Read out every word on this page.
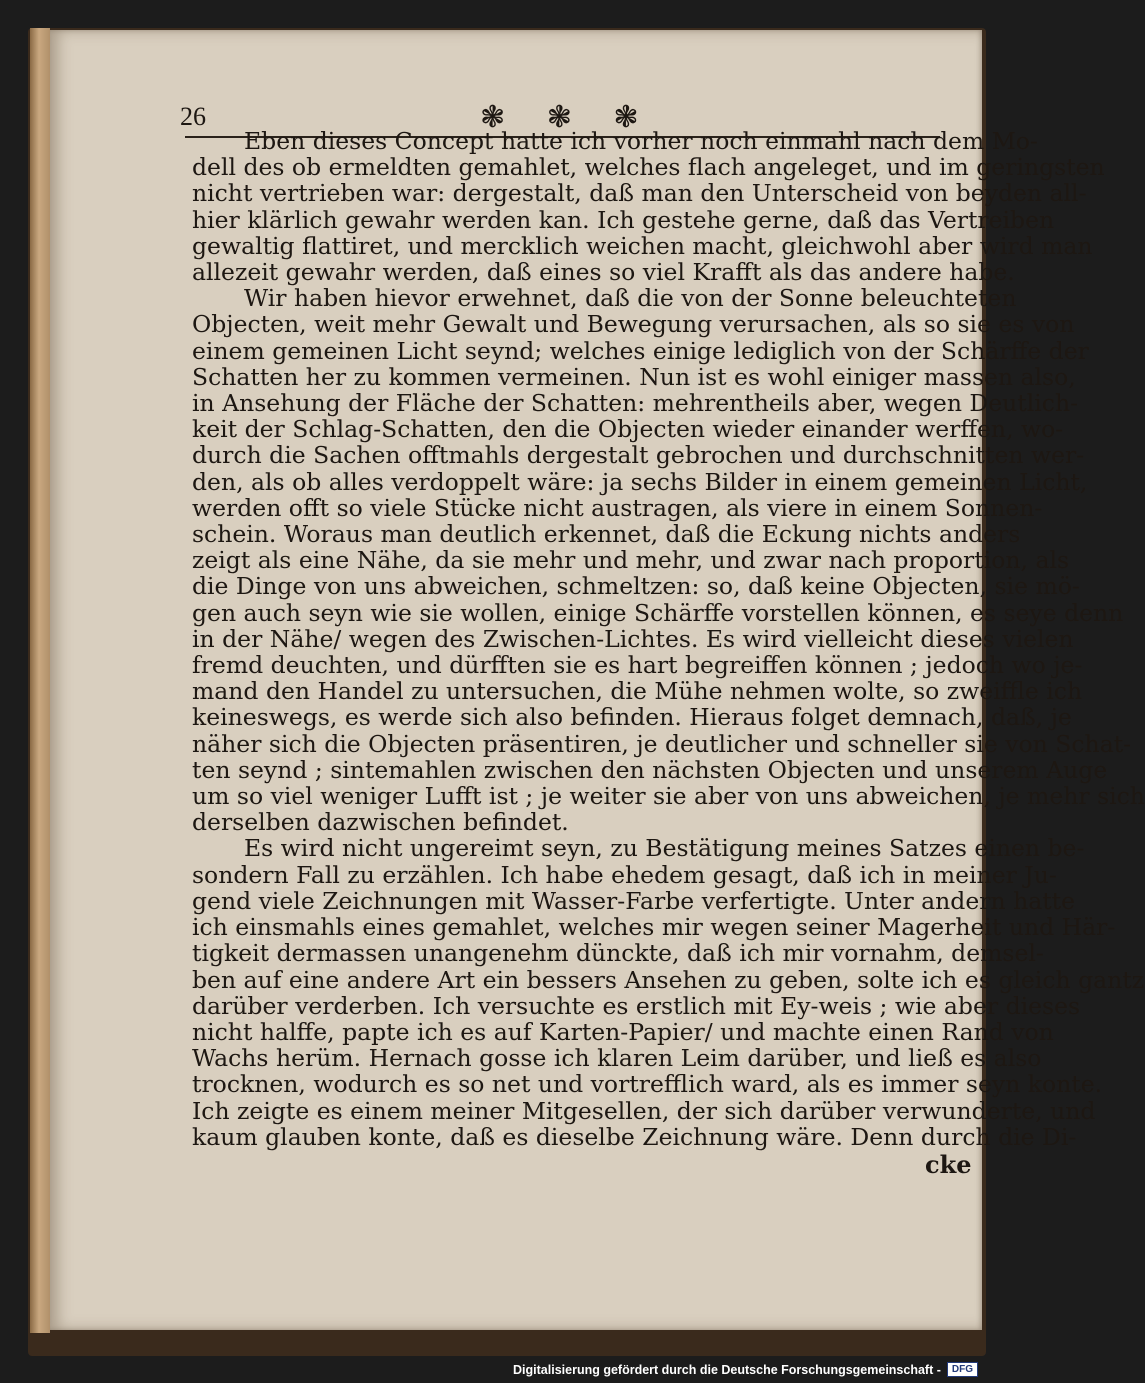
26	❃ ❃ ❃

Eben dieses Concept hatte ich vorher noch einmahl nach dem Mo-
dell des ob ermeldten gemahlet, welches flach angeleget, und im geringsten
nicht vertrieben war: dergestalt, daß man den Unterscheid von beyden all-
hier klärlich gewahr werden kan. Ich gestehe gerne, daß das Vertreiben
gewaltig flattiret, und mercklich weichen macht, gleichwohl aber wird man
allezeit gewahr werden, daß eines so viel Krafft als das andere habe.

Wir haben hievor erwehnet, daß die von der Sonne beleuchteten
Objecten, weit mehr Gewalt und Bewegung verursachen, als so sie es von
einem gemeinen Licht seynd; welches einige lediglich von der Schärffe der
Schatten her zu kommen vermeinen. Nun ist es wohl einiger massen also,
in Ansehung der Fläche der Schatten: mehrentheils aber, wegen Deutlich-
keit der Schlag-Schatten, den die Objecten wieder einander werffen, wo-
durch die Sachen offtmahls dergestalt gebrochen und durchschnitten wer-
den, als ob alles verdoppelt wäre: ja sechs Bilder in einem gemeinen Licht,
werden offt so viele Stücke nicht austragen, als viere in einem Sonnen-
schein. Woraus man deutlich erkennet, daß die Eckung nichts anders
zeigt als eine Nähe, da sie mehr und mehr, und zwar nach proportion, als
die Dinge von uns abweichen, schmeltzen: so, daß keine Objecten, sie mö-
gen auch seyn wie sie wollen, einige Schärffe vorstellen können, es seye denn
in der Nähe/ wegen des Zwischen-Lichtes. Es wird vielleicht dieses vielen
fremd deuchten, und dürfften sie es hart begreiffen können ; jedoch wo je-
mand den Handel zu untersuchen, die Mühe nehmen wolte, so zweiffle ich
keineswegs, es werde sich also befinden. Hieraus folget demnach, daß, je
näher sich die Objecten präsentiren, je deutlicher und schneller sie von Schat-
ten seynd ; sintemahlen zwischen den nächsten Objecten und unserem Auge
um so viel weniger Lufft ist ; je weiter sie aber von uns abweichen, je mehr sich
derselben dazwischen befindet.

Es wird nicht ungereimt seyn, zu Bestätigung meines Satzes einen be-
sondern Fall zu erzählen. Ich habe ehedem gesagt, daß ich in meiner Ju-
gend viele Zeichnungen mit Wasser-Farbe verfertigte. Unter andern hatte
ich einsmahls eines gemahlet, welches mir wegen seiner Magerheit und Här-
tigkeit dermassen unangenehm dünckte, daß ich mir vornahm, demsel-
ben auf eine andere Art ein bessers Ansehen zu geben, solte ich es gleich gantz
darüber verderben. Ich versuchte es erstlich mit Ey-weis ; wie aber dieses
nicht halffe, papte ich es auf Karten-Papier/ und machte einen Rand von
Wachs herüm. Hernach gosse ich klaren Leim darüber, und ließ es also
trocknen, wodurch es so net und vortrefflich ward, als es immer seyn konte.
Ich zeigte es einem meiner Mitgesellen, der sich darüber verwunderte, und
kaum glauben konte, daß es dieselbe Zeichnung wäre. Denn durch die Di-

cke
Digitalisierung gefördert durch die Deutsche Forschungsgemeinschaft -	DFG
